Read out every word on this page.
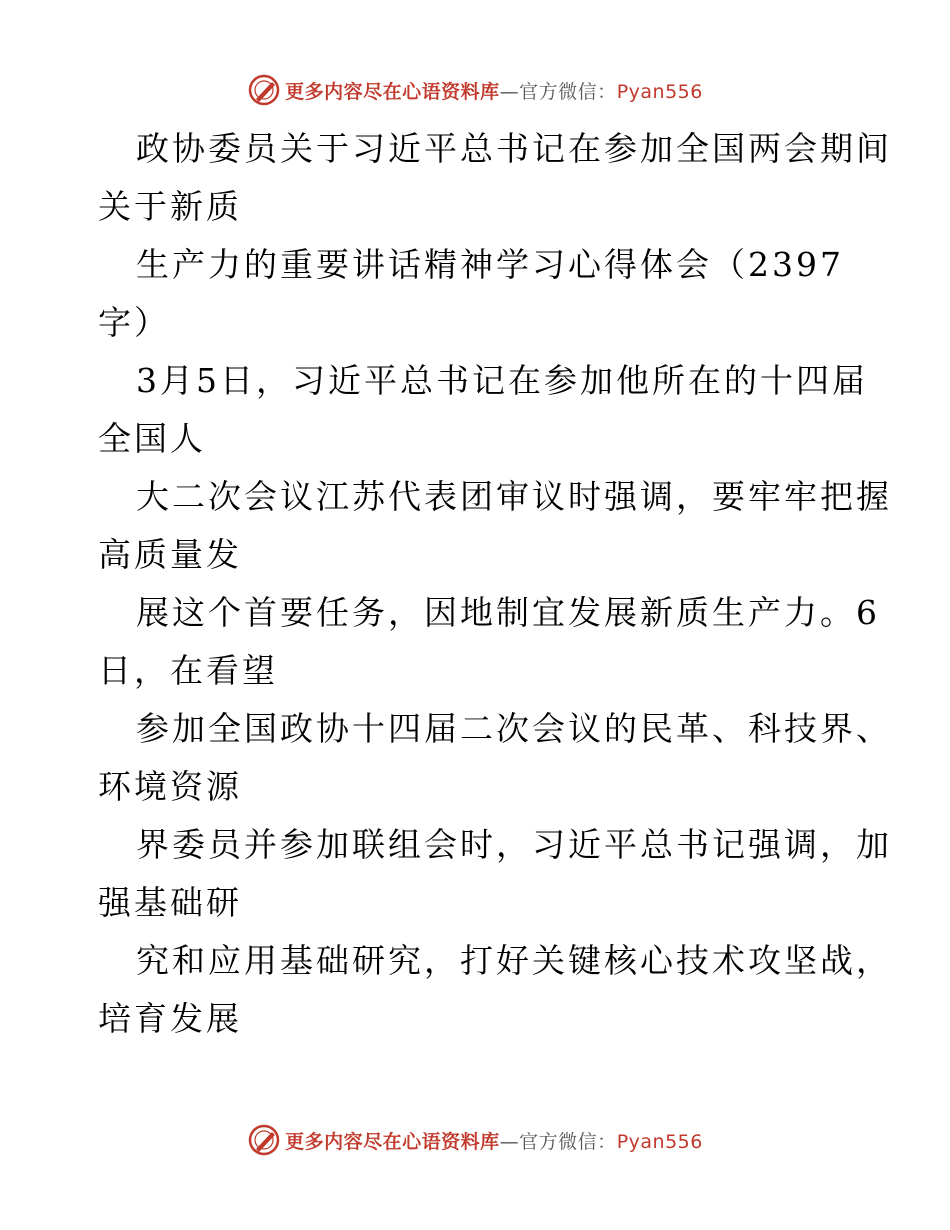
更多内容尽在心语资料库—官方微信：Pyan556
政协委员关于习近平总书记在参加全国两会期间
关于新质
生产力的重要讲话精神学习心得体会（2397
字）
3月5日，习近平总书记在参加他所在的十四届
全国人
大二次会议江苏代表团审议时强调，要牢牢把握
高质量发
展这个首要任务，因地制宜发展新质生产力。6
日，在看望
参加全国政协十四届二次会议的民革、科技界、
环境资源
界委员并参加联组会时，习近平总书记强调，加
强基础研
究和应用基础研究，打好关键核心技术攻坚战，
培育发展
更多内容尽在心语资料库—官方微信：Pyan556
